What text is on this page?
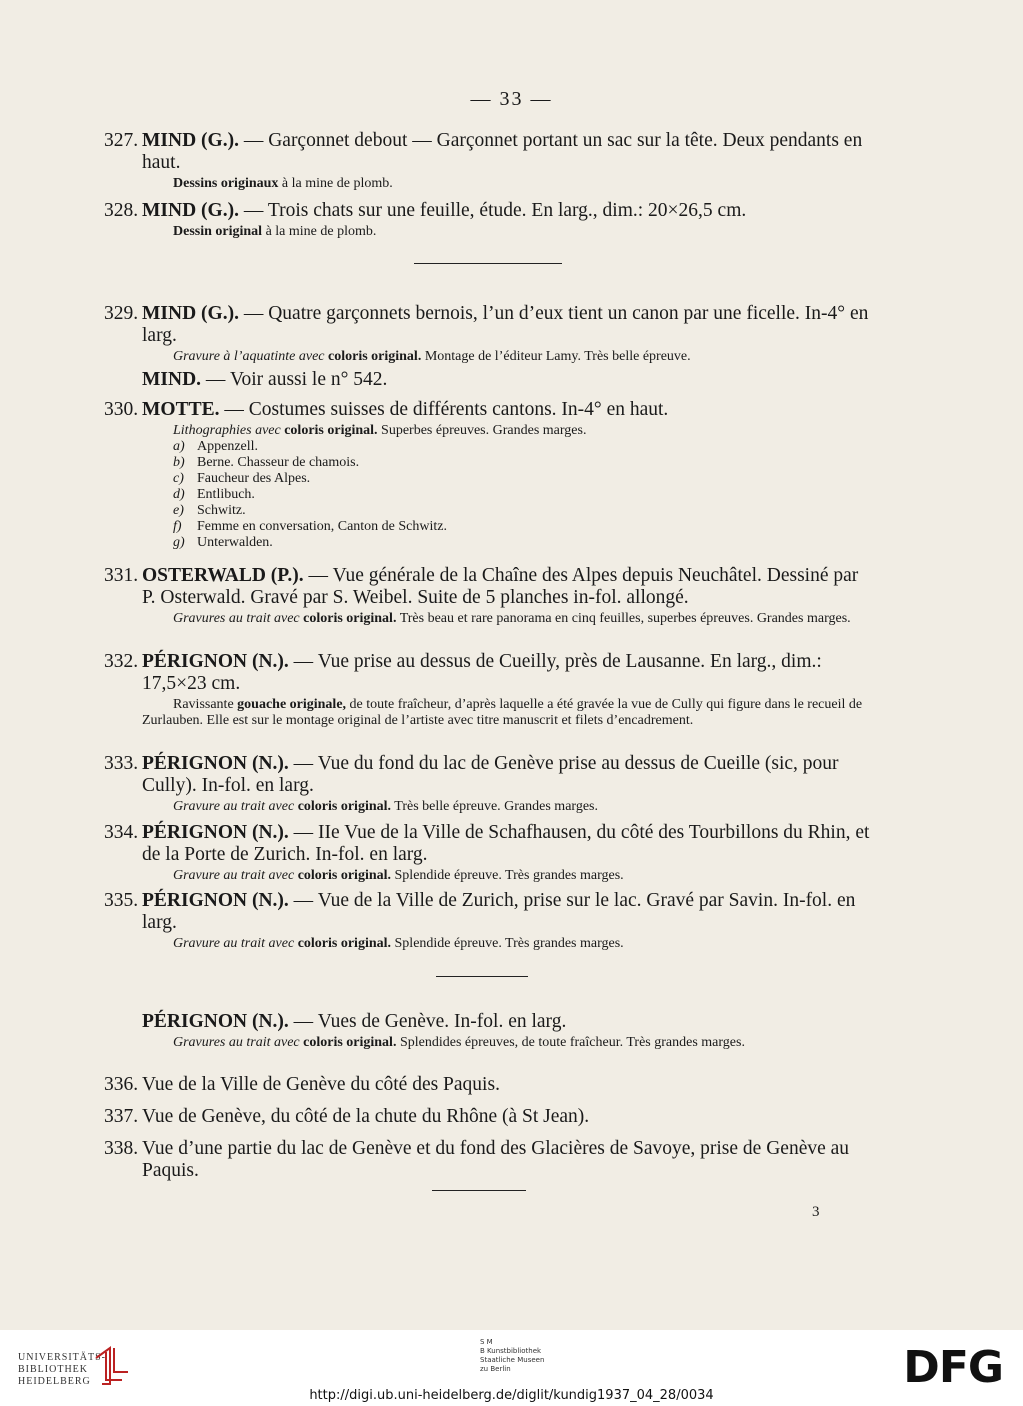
— 33 —
327. MIND (G.). — Garçonnet debout — Garçonnet portant un sac sur la tête. Deux pendants en haut.
Dessins originaux à la mine de plomb.
328. MIND (G.). — Trois chats sur une feuille, étude. En larg., dim.: 20×26,5 cm.
Dessin original à la mine de plomb.
329. MIND (G.). — Quatre garçonnets bernois, l’un d’eux tient un canon par une ficelle. In-4° en larg.
Gravure à l’aquatinte avec coloris original. Montage de l’éditeur Lamy. Très belle épreuve.
MIND. — Voir aussi le n° 542.
330. MOTTE. — Costumes suisses de différents cantons. In-4° en haut.
Lithographies avec coloris original. Superbes épreuves. Grandes marges.
a) Appenzell.
b) Berne. Chasseur de chamois.
c) Faucheur des Alpes.
d) Entlibuch.
e) Schwitz.
f) Femme en conversation, Canton de Schwitz.
g) Unterwalden.
331. OSTERWALD (P.). — Vue générale de la Chaîne des Alpes depuis Neuchâtel. Dessiné par P. Osterwald. Gravé par S. Weibel. Suite de 5 planches in-fol. allongé.
Gravures au trait avec coloris original. Très beau et rare panorama en cinq feuilles, superbes épreuves. Grandes marges.
332. PÉRIGNON (N.). — Vue prise au dessus de Cueilly, près de Lausanne. En larg., dim.: 17,5×23 cm.
Ravissante gouache originale, de toute fraîcheur, d’après laquelle a été gravée la vue de Cully qui figure dans le recueil de Zurlauben. Elle est sur le montage original de l’artiste avec titre manuscrit et filets d’encadrement.
333. PÉRIGNON (N.). — Vue du fond du lac de Genève prise au dessus de Cueille (sic, pour Cully). In-fol. en larg.
Gravure au trait avec coloris original. Très belle épreuve. Grandes marges.
334. PÉRIGNON (N.). — IIe Vue de la Ville de Schafhausen, du côté des Tourbillons du Rhin, et de la Porte de Zurich. In-fol. en larg.
Gravure au trait avec coloris original. Splendide épreuve. Très grandes marges.
335. PÉRIGNON (N.). — Vue de la Ville de Zurich, prise sur le lac. Gravé par Savin. In-fol. en larg.
Gravure au trait avec coloris original. Splendide épreuve. Très grandes marges.
PÉRIGNON (N.). — Vues de Genève. In-fol. en larg.
Gravures au trait avec coloris original. Splendides épreuves, de toute fraîcheur. Très grandes marges.
336. Vue de la Ville de Genève du côté des Paquis.
337. Vue de Genève, du côté de la chute du Rhône (à St Jean).
338. Vue d’une partie du lac de Genève et du fond des Glacières de Savoye, prise de Genève au Paquis.
3
UNIVERSITÄTS-
BIBLIOTHEK
HEIDELBERG
S M
B Kunstbibliothek
Staatliche Museen
zu Berlin	DFG
http://digi.ub.uni-heidelberg.de/diglit/kundig1937_04_28/0034
